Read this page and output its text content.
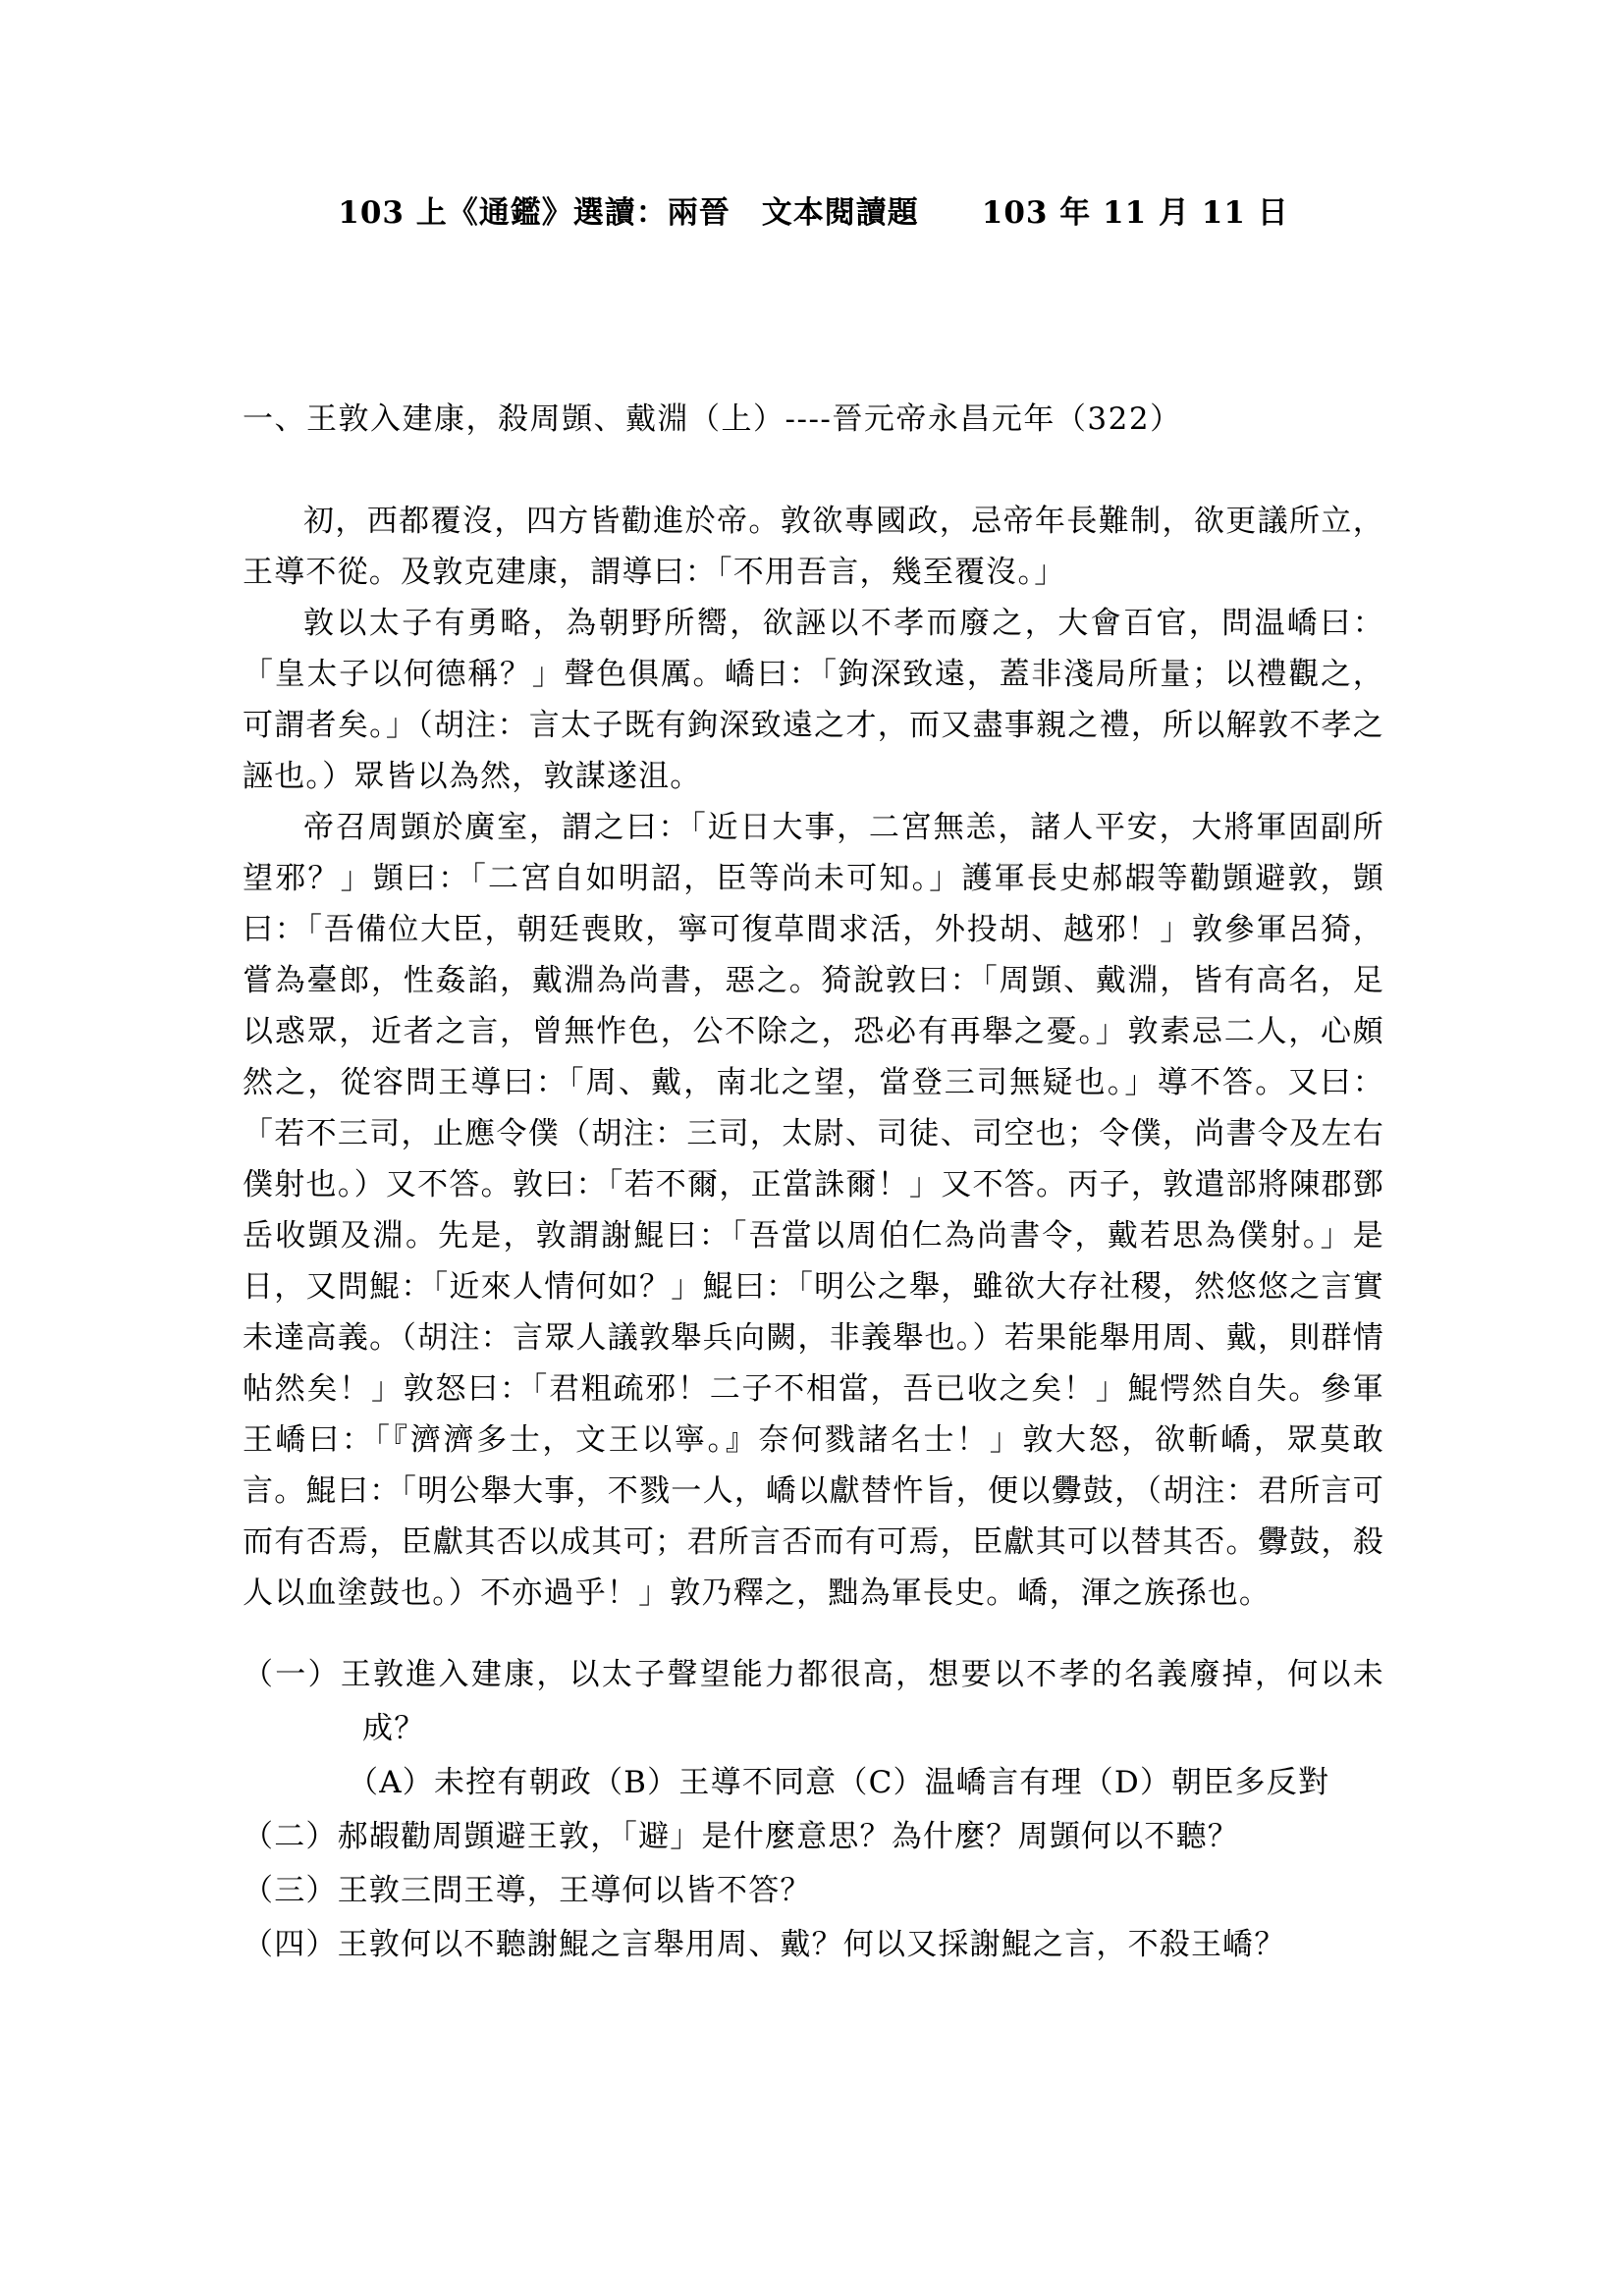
103 上《通鑑》選讀：兩晉　文本閱讀題　　103 年 11 月 11 日
一、王敦入建康，殺周顗、戴淵（上）----晉元帝永昌元年（322）

初，西都覆沒，四方皆勸進於帝。敦欲專國政，忌帝年長難制，欲更議所立，王導不從。及敦克建康，謂導曰：「不用吾言，幾至覆沒。」

敦以太子有勇略，為朝野所嚮，欲誣以不孝而廢之，大會百官，問温嶠曰：「皇太子以何德稱？」聲色俱厲。嶠曰：「鉤深致遠，蓋非淺局所量；以禮觀之，可謂者矣。」（胡注：言太子既有鉤深致遠之才，而又盡事親之禮，所以解敦不孝之誣也。）眾皆以為然，敦謀遂沮。

帝召周顗於廣室，謂之曰：「近日大事，二宮無恙，諸人平安，大將軍固副所望邪？」顗曰：「二宮自如明詔，臣等尚未可知。」護軍長史郝嘏等勸顗避敦，顗曰：「吾備位大臣，朝廷喪敗，寧可復草間求活，外投胡、越邪！」敦參軍呂猗，嘗為臺郎，性姦諂，戴淵為尚書，惡之。猗說敦曰：「周顗、戴淵，皆有高名，足以惑眾，近者之言，曾無怍色，公不除之，恐必有再舉之憂。」敦素忌二人，心頗然之，從容問王導曰：「周、戴，南北之望，當登三司無疑也。」導不答。又曰：「若不三司，止應令僕（胡注：三司，太尉、司徒、司空也；令僕，尚書令及左右僕射也。）又不答。敦曰：「若不爾，正當誅爾！」又不答。丙子，敦遣部將陳郡鄧岳收顗及淵。先是，敦謂謝鯤曰：「吾當以周伯仁為尚書令，戴若思為僕射。」是日，又問鯤：「近來人情何如？」鯤曰：「明公之舉，雖欲大存社稷，然悠悠之言實未達高義。（胡注：言眾人議敦舉兵向闕，非義舉也。）若果能舉用周、戴，則群情帖然矣！」敦怒曰：「君粗疏邪！二子不相當，吾已收之矣！」鯤愕然自失。參軍王嶠曰：「『濟濟多士，文王以寧。』奈何戮諸名士！」敦大怒，欲斬嶠，眾莫敢言。鯤曰：「明公舉大事，不戮一人，嶠以獻替忤旨，便以釁鼓，（胡注：君所言可而有否焉，臣獻其否以成其可；君所言否而有可焉，臣獻其可以替其否。釁鼓，殺人以血塗鼓也。）不亦過乎！」敦乃釋之，黜為軍長史。嶠，渾之族孫也。

（一）王敦進入建康，以太子聲望能力都很高，想要以不孝的名義廢掉，何以未成？
（A）未控有朝政（B）王導不同意（C）温嶠言有理（D）朝臣多反對
（二）郝嘏勸周顗避王敦，「避」是什麼意思？為什麼？周顗何以不聽？
（三）王敦三問王導，王導何以皆不答？
（四）王敦何以不聽謝鯤之言舉用周、戴？何以又採謝鯤之言，不殺王嶠？
